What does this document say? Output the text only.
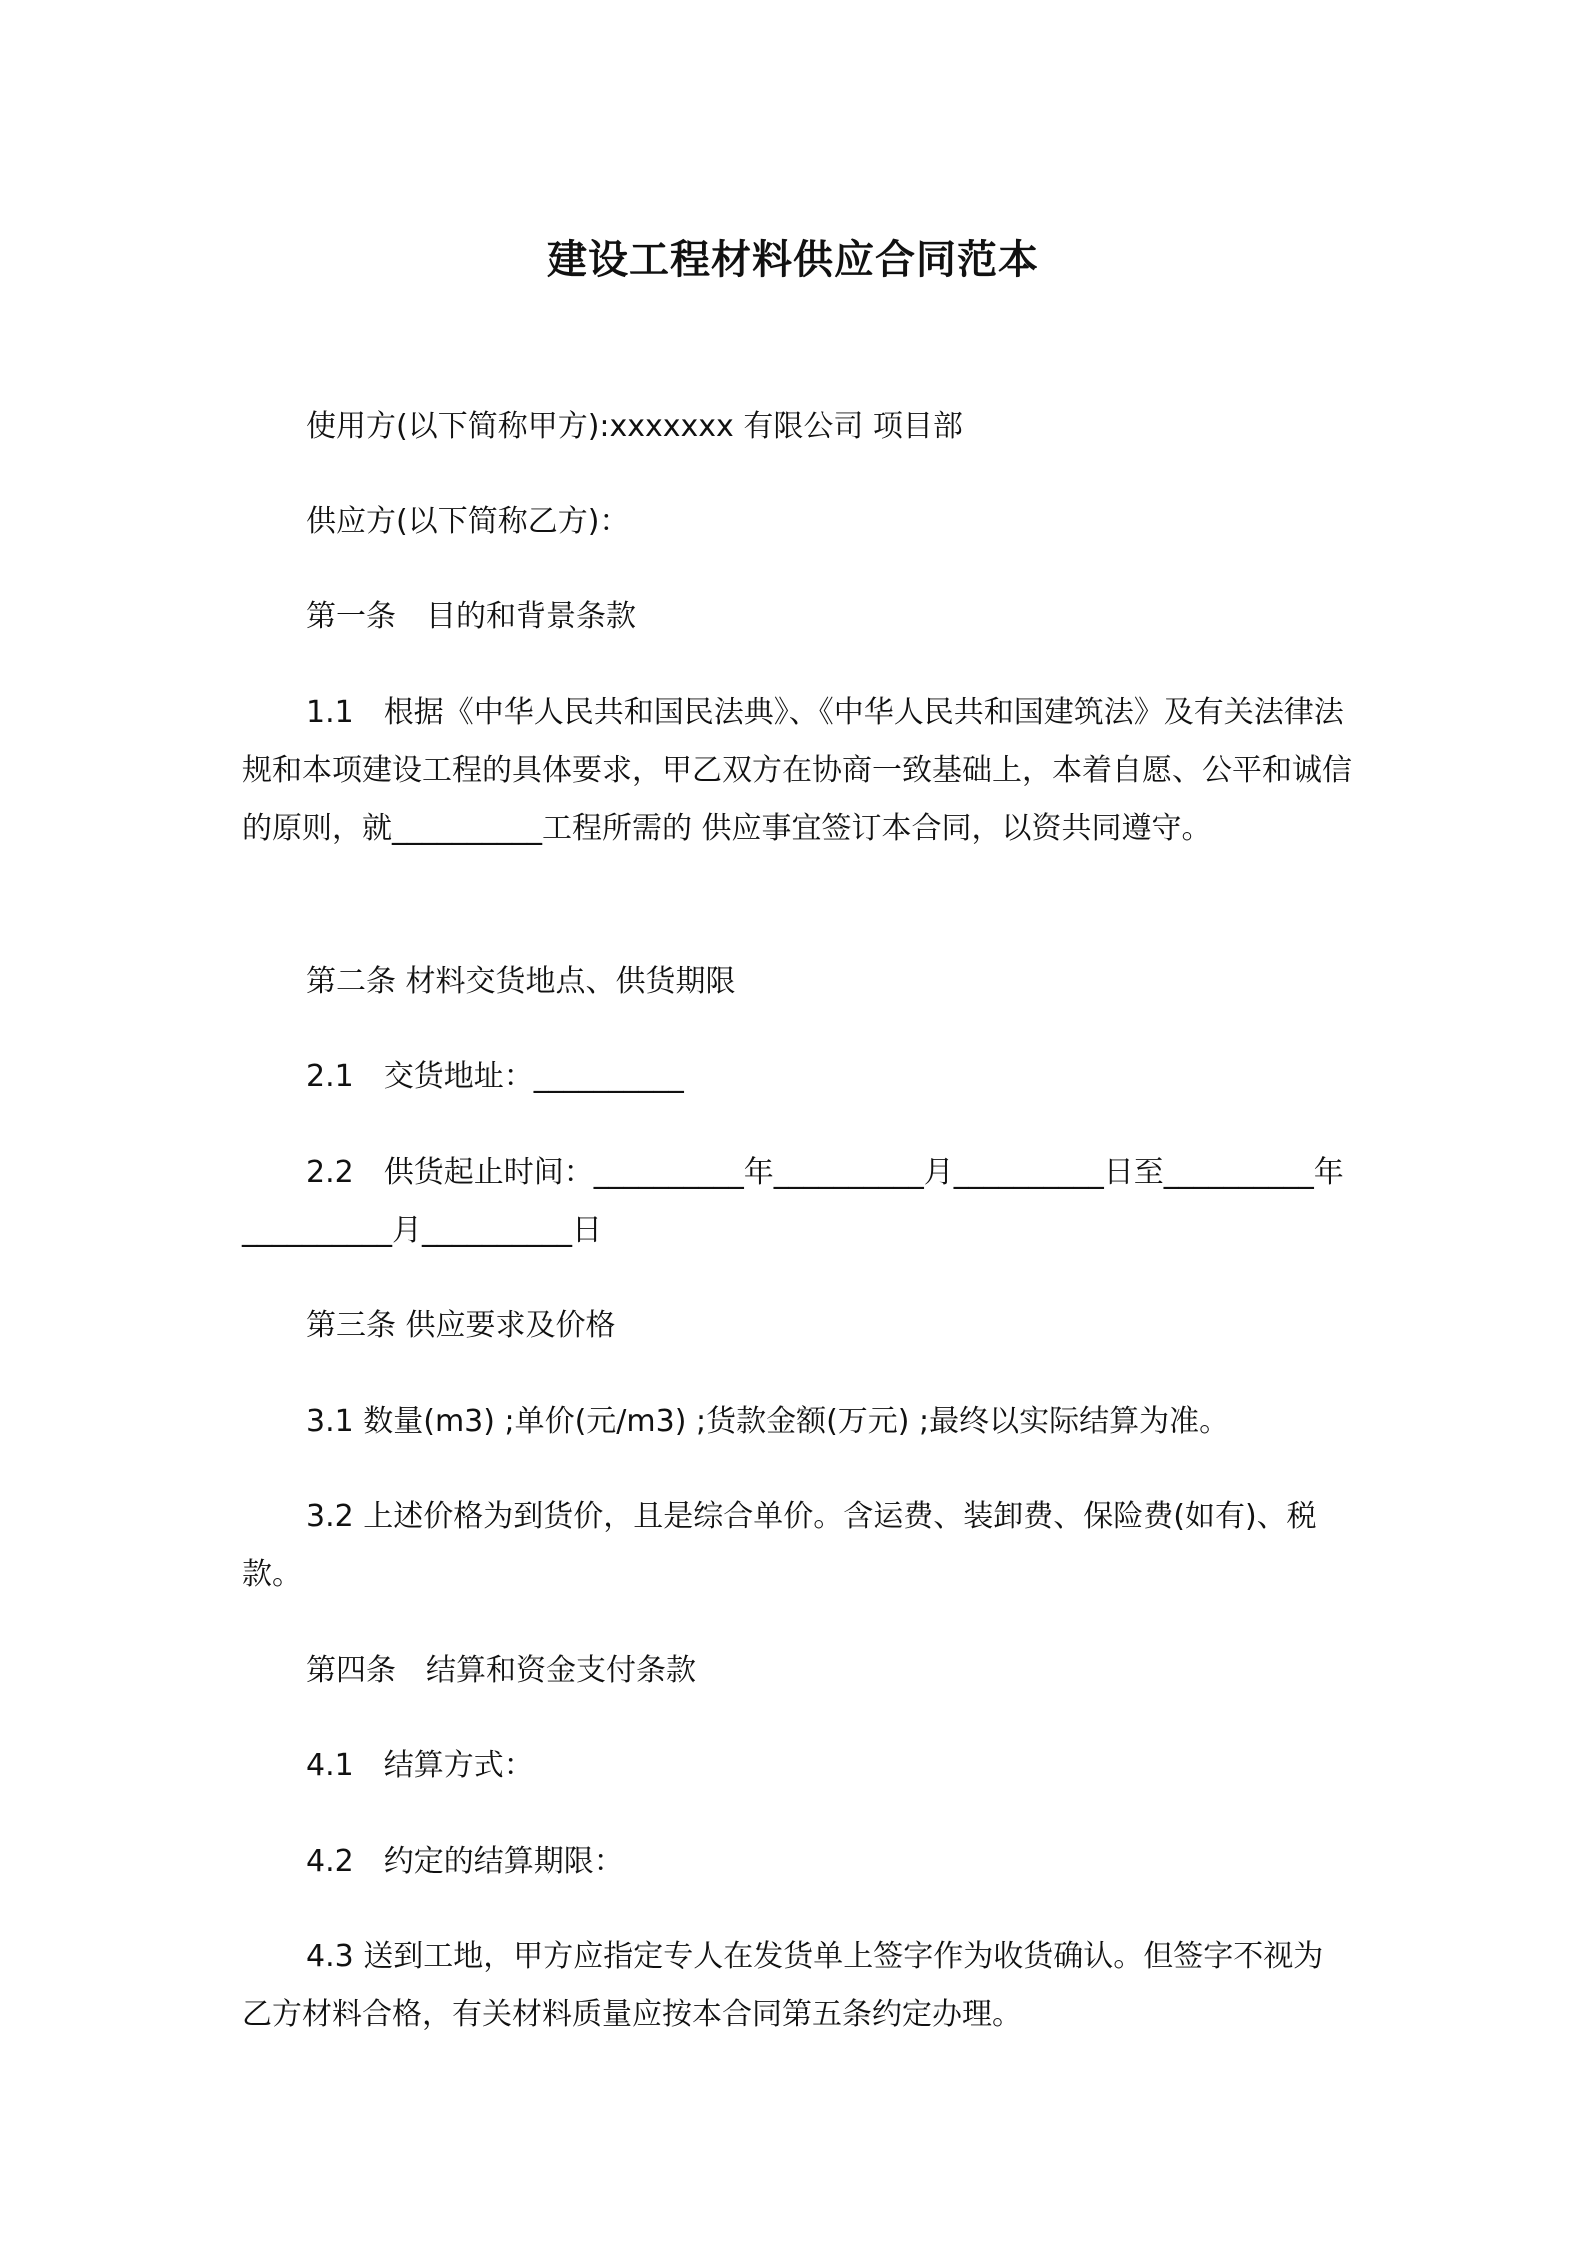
建设工程材料供应合同范本
使用方(以下简称甲方):xxxxxxx 有限公司 项目部
供应方(以下简称乙方)：
第一条　目的和背景条款
1.1　根据《中华人民共和国民法典》、《中华人民共和国建筑法》及有关法律法规和本项建设工程的具体要求，甲乙双方在协商一致基础上，本着自愿、公平和诚信的原则，就__________工程所需的 供应事宜签订本合同，以资共同遵守。
第二条 材料交货地点、供货期限
2.1　交货地址：__________
2.2　供货起止时间：__________年__________月__________日至__________年__________月__________日
第三条 供应要求及价格
3.1 数量(m3) ;单价(元/m3) ;货款金额(万元) ;最终以实际结算为准。
3.2 上述价格为到货价，且是综合单价。含运费、装卸费、保险费(如有)、税款。
第四条　结算和资金支付条款
4.1　结算方式：
4.2　约定的结算期限：
4.3 送到工地，甲方应指定专人在发货单上签字作为收货确认。但签字不视为乙方材料合格，有关材料质量应按本合同第五条约定办理。
